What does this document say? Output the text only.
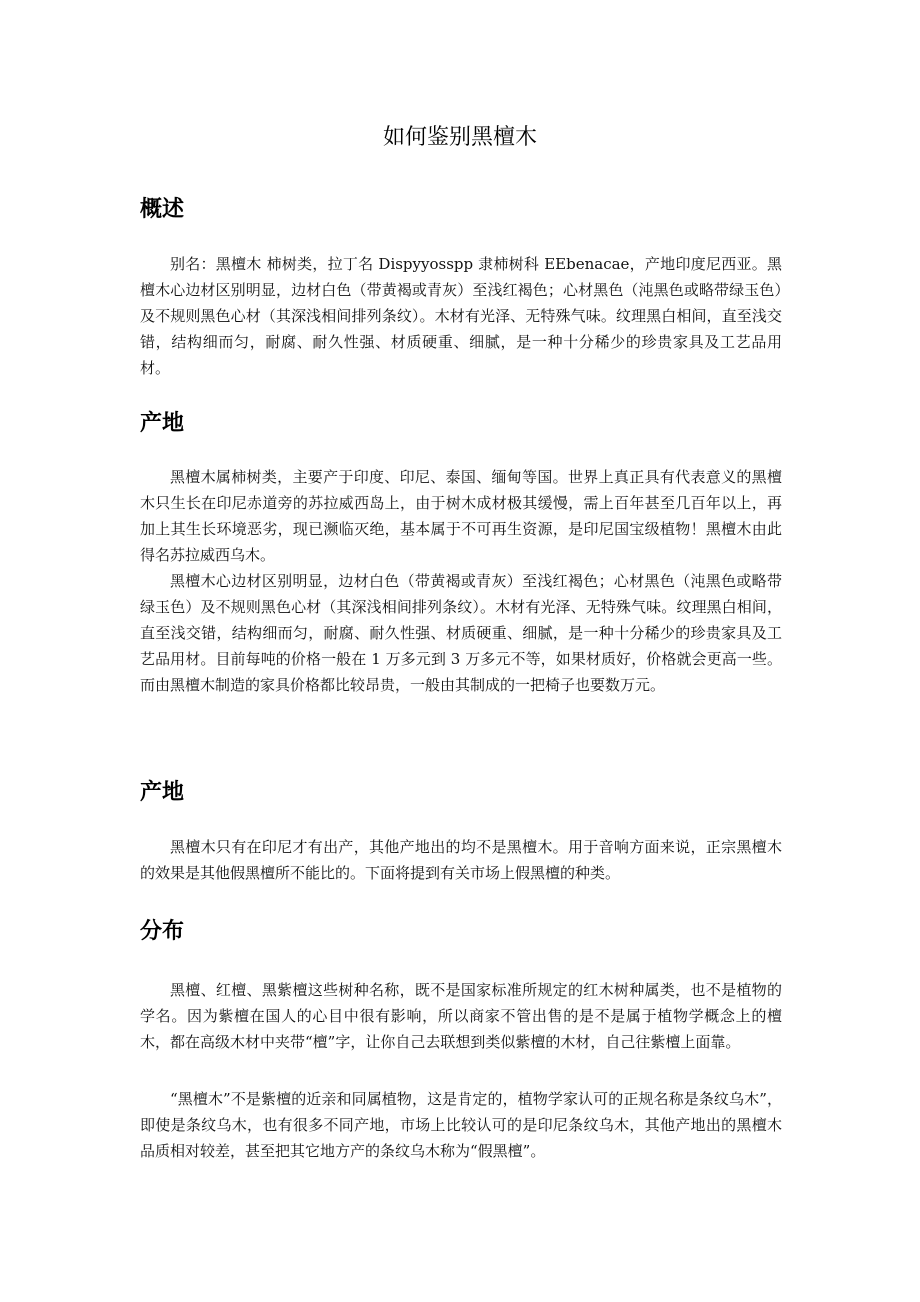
如何鉴别黑檀木
概述

别名：黑檀木 柿树类，拉丁名 Dispyyosspp 隶柿树科 EEbenacae，产地印度尼西亚。黑檀木心边材区别明显，边材白色（带黄褐或青灰）至浅红褐色；心材黑色（沌黑色或略带绿玉色）及不规则黑色心材（其深浅相间排列条纹）。木材有光泽、无特殊气味。纹理黑白相间，直至浅交错，结构细而匀，耐腐、耐久性强、材质硬重、细腻，是一种十分稀少的珍贵家具及工艺品用材。

产地

黑檀木属柿树类，主要产于印度、印尼、泰国、缅甸等国。世界上真正具有代表意义的黑檀木只生长在印尼赤道旁的苏拉威西岛上，由于树木成材极其缓慢，需上百年甚至几百年以上，再加上其生长环境恶劣，现已濒临灭绝，基本属于不可再生资源，是印尼国宝级植物！黑檀木由此得名苏拉威西乌木。

黑檀木心边材区别明显，边材白色（带黄褐或青灰）至浅红褐色；心材黑色（沌黑色或略带绿玉色）及不规则黑色心材（其深浅相间排列条纹）。木材有光泽、无特殊气味。纹理黑白相间，直至浅交错，结构细而匀，耐腐、耐久性强、材质硬重、细腻，是一种十分稀少的珍贵家具及工艺品用材。目前每吨的价格一般在 1 万多元到 3 万多元不等，如果材质好，价格就会更高一些。而由黑檀木制造的家具价格都比较昂贵，一般由其制成的一把椅子也要数万元。

产地

黑檀木只有在印尼才有出产，其他产地出的均不是黑檀木。用于音响方面来说，正宗黑檀木的效果是其他假黑檀所不能比的。下面将提到有关市场上假黑檀的种类。

分布

黑檀、红檀、黑紫檀这些树种名称，既不是国家标准所规定的红木树种属类，也不是植物的学名。因为紫檀在国人的心目中很有影响，所以商家不管出售的是不是属于植物学概念上的檀木，都在高级木材中夹带“檀”字，让你自己去联想到类似紫檀的木材，自己往紫檀上面靠。

“黑檀木”不是紫檀的近亲和同属植物，这是肯定的，植物学家认可的正规名称是条纹乌木”，即使是条纹乌木，也有很多不同产地，市场上比较认可的是印尼条纹乌木，其他产地出的黑檀木品质相对较差，甚至把其它地方产的条纹乌木称为“假黑檀”。
